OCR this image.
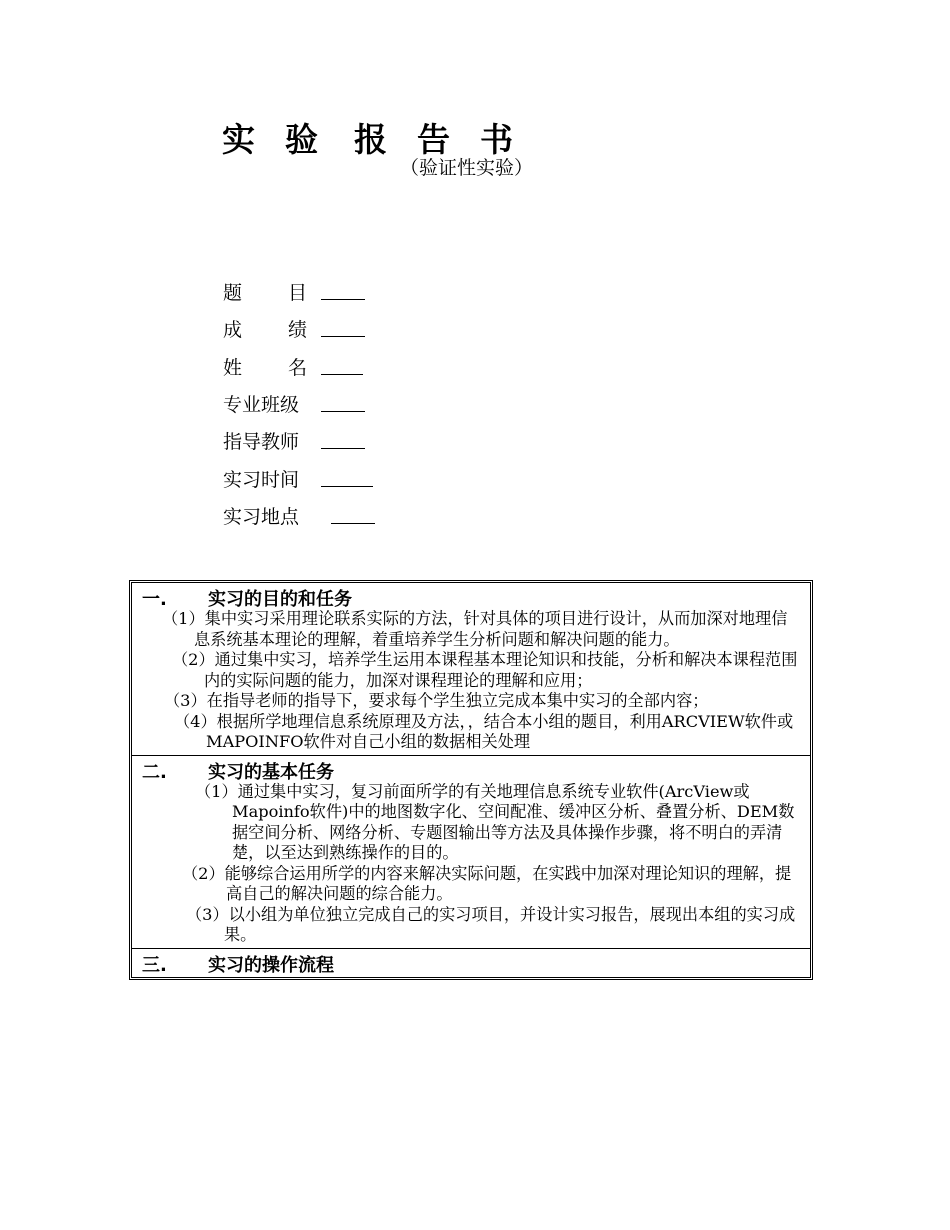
实 验 报 告 书
（验证性实验）
题 目
成 绩
姓 名
专业班级
指导教师
实习时间
实习地点
一.	实习的目的和任务
（1）集中实习采用理论联系实际的方法，针对具体的项目进行设计，从而加深对地理信息系统基本理论的理解，着重培养学生分析问题和解决问题的能力。
（2）通过集中实习，培养学生运用本课程基本理论知识和技能，分析和解决本课程范围内的实际问题的能力，加深对课程理论的理解和应用；
（3）在指导老师的指导下，要求每个学生独立完成本集中实习的全部内容；
（4）根据所学地理信息系统原理及方法，，结合本小组的题目，利用ARCVIEW软件或MAPOINFO软件对自己小组的数据相关处理
二.	实习的基本任务
（1）通过集中实习，复习前面所学的有关地理信息系统专业软件(ArcView或Mapoinfo软件)中的地图数字化、空间配准、缓冲区分析、叠置分析、DEM数据空间分析、网络分析、专题图输出等方法及具体操作步骤，将不明白的弄清楚，以至达到熟练操作的目的。
（2）能够综合运用所学的内容来解决实际问题，在实践中加深对理论知识的理解，提高自己的解决问题的综合能力。
（3）以小组为单位独立完成自己的实习项目，并设计实习报告，展现出本组的实习成果。
三.	实习的操作流程
